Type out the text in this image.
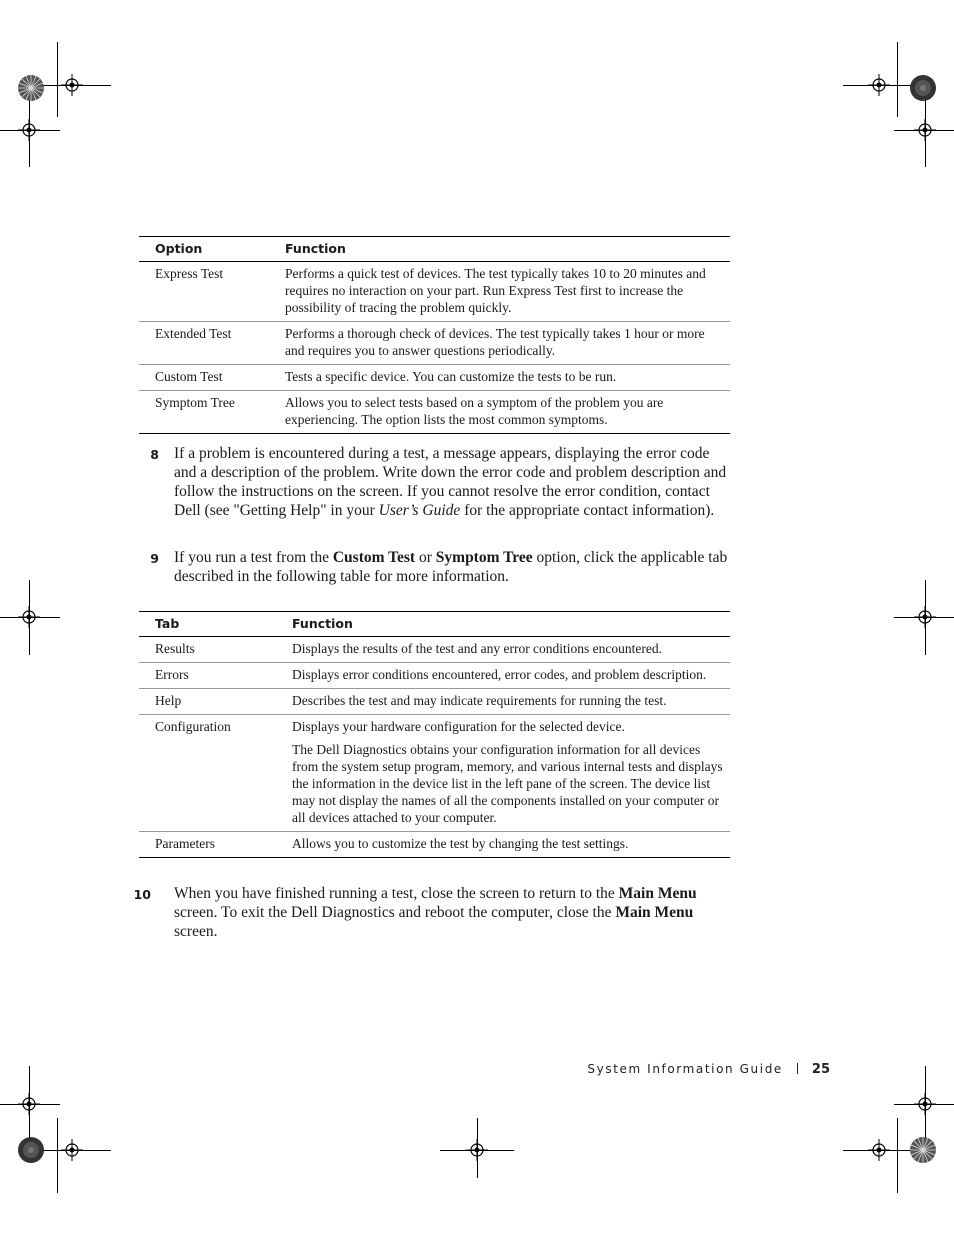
Option	Function
Express Test	Performs a quick test of devices. The test typically takes 10 to 20 minutes and requires no interaction on your part. Run Express Test first to increase the possibility of tracing the problem quickly.
Extended Test	Performs a thorough check of devices. The test typically takes 1 hour or more and requires you to answer questions periodically.
Custom Test	Tests a specific device. You can customize the tests to be run.
Symptom Tree	Allows you to select tests based on a symptom of the problem you are experiencing. The option lists the most common symptoms.
8 If a problem is encountered during a test, a message appears, displaying the error code and a description of the problem. Write down the error code and problem description and follow the instructions on the screen. If you cannot resolve the error condition, contact Dell (see "Getting Help" in your User’s Guide for the appropriate contact information).
9 If you run a test from the Custom Test or Symptom Tree option, click the applicable tab described in the following table for more information.
Tab	Function
Results	Displays the results of the test and any error conditions encountered.
Errors	Displays error conditions encountered, error codes, and problem description.
Help	Describes the test and may indicate requirements for running the test.
Configuration	Displays your hardware configuration for the selected device.
The Dell Diagnostics obtains your configuration information for all devices from the system setup program, memory, and various internal tests and displays the information in the device list in the left pane of the screen. The device list may not display the names of all the components installed on your computer or all devices attached to your computer.

Parameters	Allows you to customize the test by changing the test settings.
10 When you have finished running a test, close the screen to return to the Main Menu screen. To exit the Dell Diagnostics and reboot the computer, close the Main Menu screen.
System Information Guide 25
